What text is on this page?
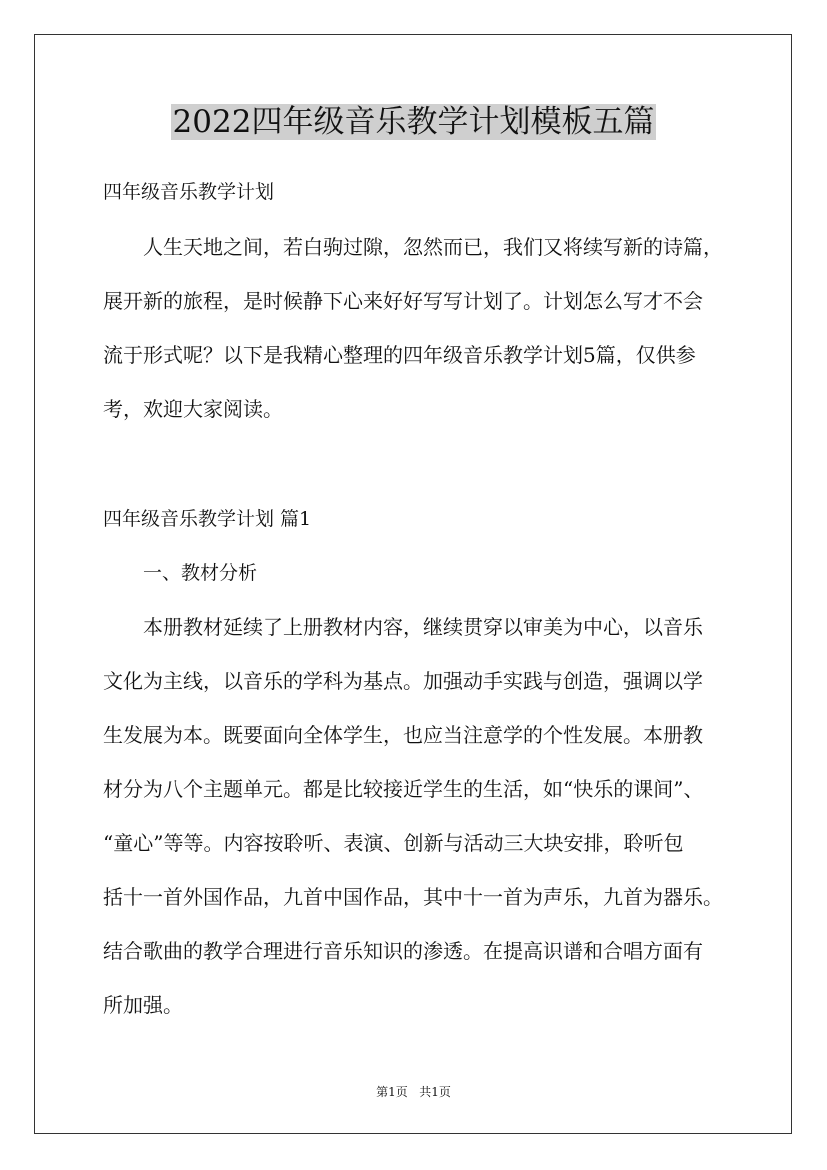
2022四年级音乐教学计划模板五篇

四年级音乐教学计划

人生天地之间，若白驹过隙，忽然而已，我们又将续写新的诗篇，
展开新的旅程，是时候静下心来好好写写计划了。计划怎么写才不会
流于形式呢？以下是我精心整理的四年级音乐教学计划5篇，仅供参
考，欢迎大家阅读。

四年级音乐教学计划 篇1

一、教材分析

本册教材延续了上册教材内容，继续贯穿以审美为中心，以音乐
文化为主线，以音乐的学科为基点。加强动手实践与创造，强调以学
生发展为本。既要面向全体学生，也应当注意学的个性发展。本册教
材分为八个主题单元。都是比较接近学生的生活，如“快乐的课间”、
“童心”等等。内容按聆听、表演、创新与活动三大块安排，聆听包
括十一首外国作品，九首中国作品，其中十一首为声乐，九首为器乐。
结合歌曲的教学合理进行音乐知识的渗透。在提高识谱和合唱方面有
所加强。
第1页 共1页
